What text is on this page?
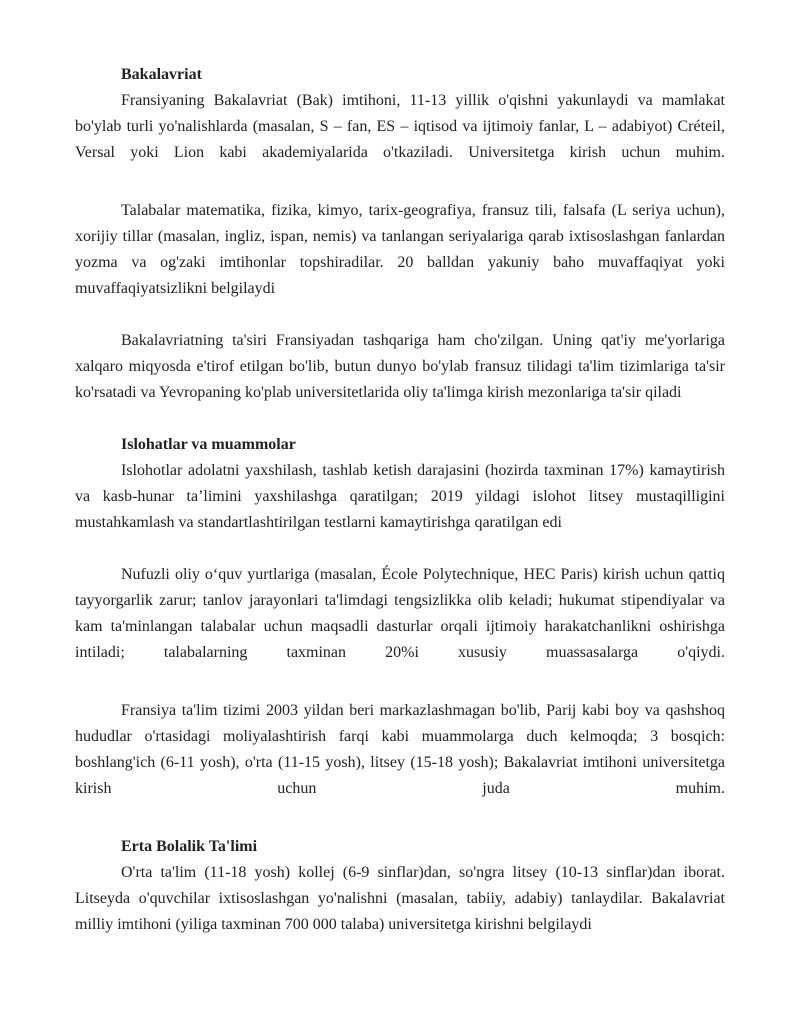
Bakalavriat

Fransiyaning Bakalavriat (Bak) imtihoni, 11-13 yillik o'qishni yakunlaydi va mamlakat bo'ylab turli yo'nalishlarda (masalan, S – fan, ES – iqtisod va ijtimoiy fanlar, L – adabiyot) Créteil, Versal yoki Lion kabi akademiyalarida o'tkaziladi. Universitetga kirish uchun muhim.

Talabalar matematika, fizika, kimyo, tarix-geografiya, fransuz tili, falsafa (L seriya uchun), xorijiy tillar (masalan, ingliz, ispan, nemis) va tanlangan seriyalariga qarab ixtisoslashgan fanlardan yozma va og'zaki imtihonlar topshiradilar. 20 balldan yakuniy baho muvaffaqiyat yoki muvaffaqiyatsizlikni belgilaydi

Bakalavriatning ta'siri Fransiyadan tashqariga ham cho'zilgan. Uning qat'iy me'yorlariga xalqaro miqyosda e'tirof etilgan bo'lib, butun dunyo bo'ylab fransuz tilidagi ta'lim tizimlariga ta'sir ko'rsatadi va Yevropaning ko'plab universitetlarida oliy ta'limga kirish mezonlariga ta'sir qiladi

Islohatlar va muammolar

Islohotlar adolatni yaxshilash, tashlab ketish darajasini (hozirda taxminan 17%) kamaytirish va kasb-hunar ta’limini yaxshilashga qaratilgan; 2019 yildagi islohot litsey mustaqilligini mustahkamlash va standartlashtirilgan testlarni kamaytirishga qaratilgan edi

Nufuzli oliy o‘quv yurtlariga (masalan, École Polytechnique, HEC Paris) kirish uchun qattiq tayyorgarlik zarur; tanlov jarayonlari ta'limdagi tengsizlikka olib keladi; hukumat stipendiyalar va kam ta'minlangan talabalar uchun maqsadli dasturlar orqali ijtimoiy harakatchanlikni oshirishga intiladi; talabalarning taxminan 20%i xususiy muassasalarga o'qiydi.

Fransiya ta'lim tizimi 2003 yildan beri markazlashmagan bo'lib, Parij kabi boy va qashshoq hududlar o'rtasidagi moliyalashtirish farqi kabi muammolarga duch kelmoqda; 3 bosqich: boshlang'ich (6-11 yosh), o'rta (11-15 yosh), litsey (15-18 yosh); Bakalavriat imtihoni universitetga kirish uchun juda muhim.

Erta Bolalik Ta'limi

O'rta ta'lim (11-18 yosh) kollej (6-9 sinflar)dan, so'ngra litsey (10-13 sinflar)dan iborat. Litseyda o'quvchilar ixtisoslashgan yo'nalishni (masalan, tabiiy, adabiy) tanlaydilar. Bakalavriat milliy imtihoni (yiliga taxminan 700 000 talaba) universitetga kirishni belgilaydi
